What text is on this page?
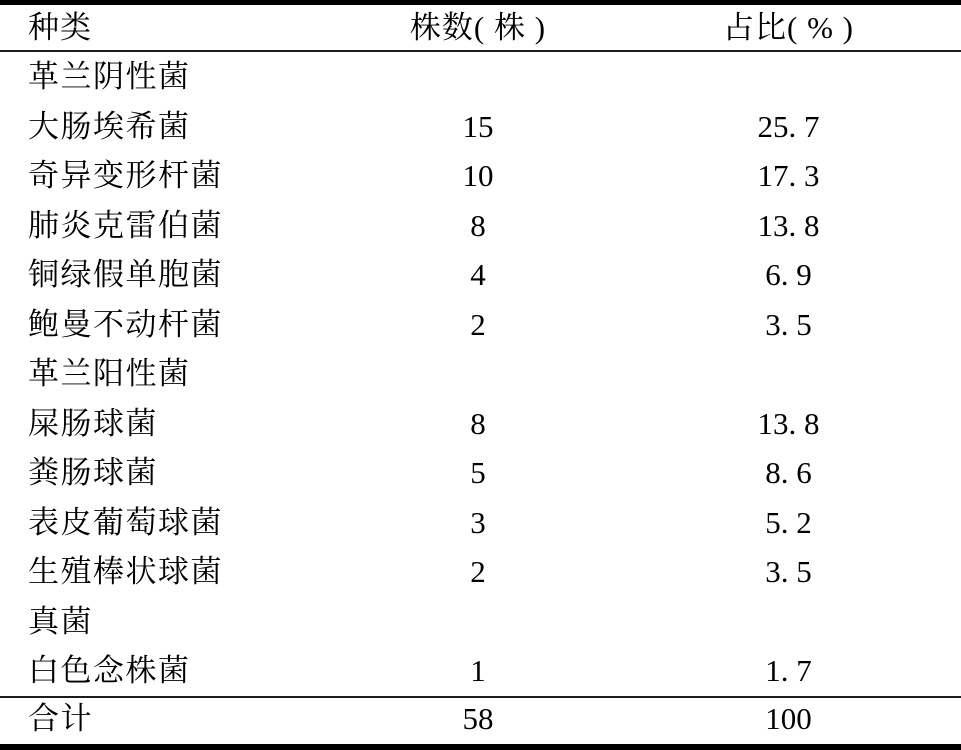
种类	株数( 株 )	占比( % )
革兰阴性菌
大肠埃希菌	15	25. 7
奇异变形杆菌	10	17. 3
肺炎克雷伯菌	8	13. 8
铜绿假单胞菌	4	6. 9
鲍曼不动杆菌	2	3. 5
革兰阳性菌
屎肠球菌	8	13. 8
粪肠球菌	5	8. 6
表皮葡萄球菌	3	5. 2
生殖棒状球菌	2	3. 5
真菌
白色念株菌	1	1. 7
合计	58	100
